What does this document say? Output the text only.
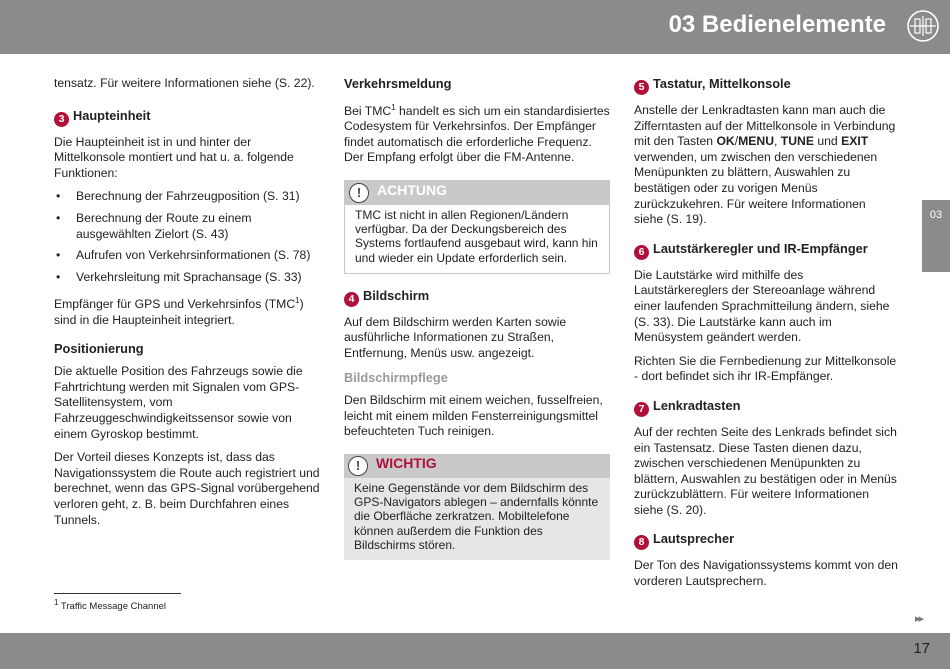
03 Bedienelemente
03

tensatz. Für weitere Informationen siehe (S. 22).

3 Haupteinheit

Die Haupteinheit ist in und hinter der Mittelkonsole montiert und hat u. a. folgende Funktionen:

• Berechnung der Fahrzeugposition (S. 31)
• Berechnung der Route zu einem ausgewählten Zielort (S. 43)
• Aufrufen von Verkehrsinformationen (S. 78)
• Verkehrsleitung mit Sprachansage (S. 33)

Empfänger für GPS und Verkehrsinfos (TMC$^1$) sind in die Haupteinheit integriert.

Positionierung

Die aktuelle Position des Fahrzeugs sowie die Fahrtrichtung werden mit Signalen vom GPS-Satellitensystem, vom Fahrzeuggeschwindigkeitssensor sowie von einem Gyroskop bestimmt.

Der Vorteil dieses Konzepts ist, dass das Navigationssystem die Route auch registriert und berechnet, wenn das GPS-Signal vorübergehend verloren geht, z. B. beim Durchfahren eines Tunnels.

Verkehrsmeldung

Bei TMC$^1$ handelt es sich um ein standardisiertes Codesystem für Verkehrsinfos. Der Empfänger findet automatisch die erforderliche Frequenz. Der Empfang erfolgt über die FM-Antenne.

!	ACHTUNG
TMC ist nicht in allen Regionen/Ländern verfügbar. Da der Deckungsbereich des Systems fortlaufend ausgebaut wird, kann hin und wieder ein Update erforderlich sein.

4 Bildschirm

Auf dem Bildschirm werden Karten sowie ausführliche Informationen zu Straßen, Entfernung, Menüs usw. angezeigt.

Bildschirmpflege

Den Bildschirm mit einem weichen, fusselfreien, leicht mit einem milden Fensterreinigungsmittel befeuchteten Tuch reinigen.

!	WICHTIG
Keine Gegenstände vor dem Bildschirm des GPS-Navigators ablegen – andernfalls könnte die Oberfläche zerkratzen. Mobiltelefone können außerdem die Funktion des Bildschirms stören.

5 Tastatur, Mittelkonsole

Anstelle der Lenkradtasten kann man auch die Zifferntasten auf der Mittelkonsole in Verbindung mit den Tasten OK/MENU, TUNE und EXIT verwenden, um zwischen den verschiedenen Menüpunkten zu blättern, Auswahlen zu bestätigen oder zu vorigen Menüs zurückzukehren. Für weitere Informationen siehe (S. 19).

6 Lautstärkeregler und IR-Empfänger

Die Lautstärke wird mithilfe des Lautstärkereglers der Stereoanlage während einer laufenden Sprachmitteilung ändern, siehe (S. 33). Die Lautstärke kann auch im Menüsystem geändert werden.

Richten Sie die Fernbedienung zur Mittelkonsole - dort befindet sich ihr IR-Empfänger.

7 Lenkradtasten

Auf der rechten Seite des Lenkrads befindet sich ein Tastensatz. Diese Tasten dienen dazu, zwischen verschiedenen Menüpunkten zu blättern, Auswahlen zu bestätigen oder in Menüs zurückzublättern. Für weitere Informationen siehe (S. 20).

8 Lautsprecher

Der Ton des Navigationssystems kommt von den vorderen Lautsprechern.

$^1$ Traffic Message Channel
▸▸
17
